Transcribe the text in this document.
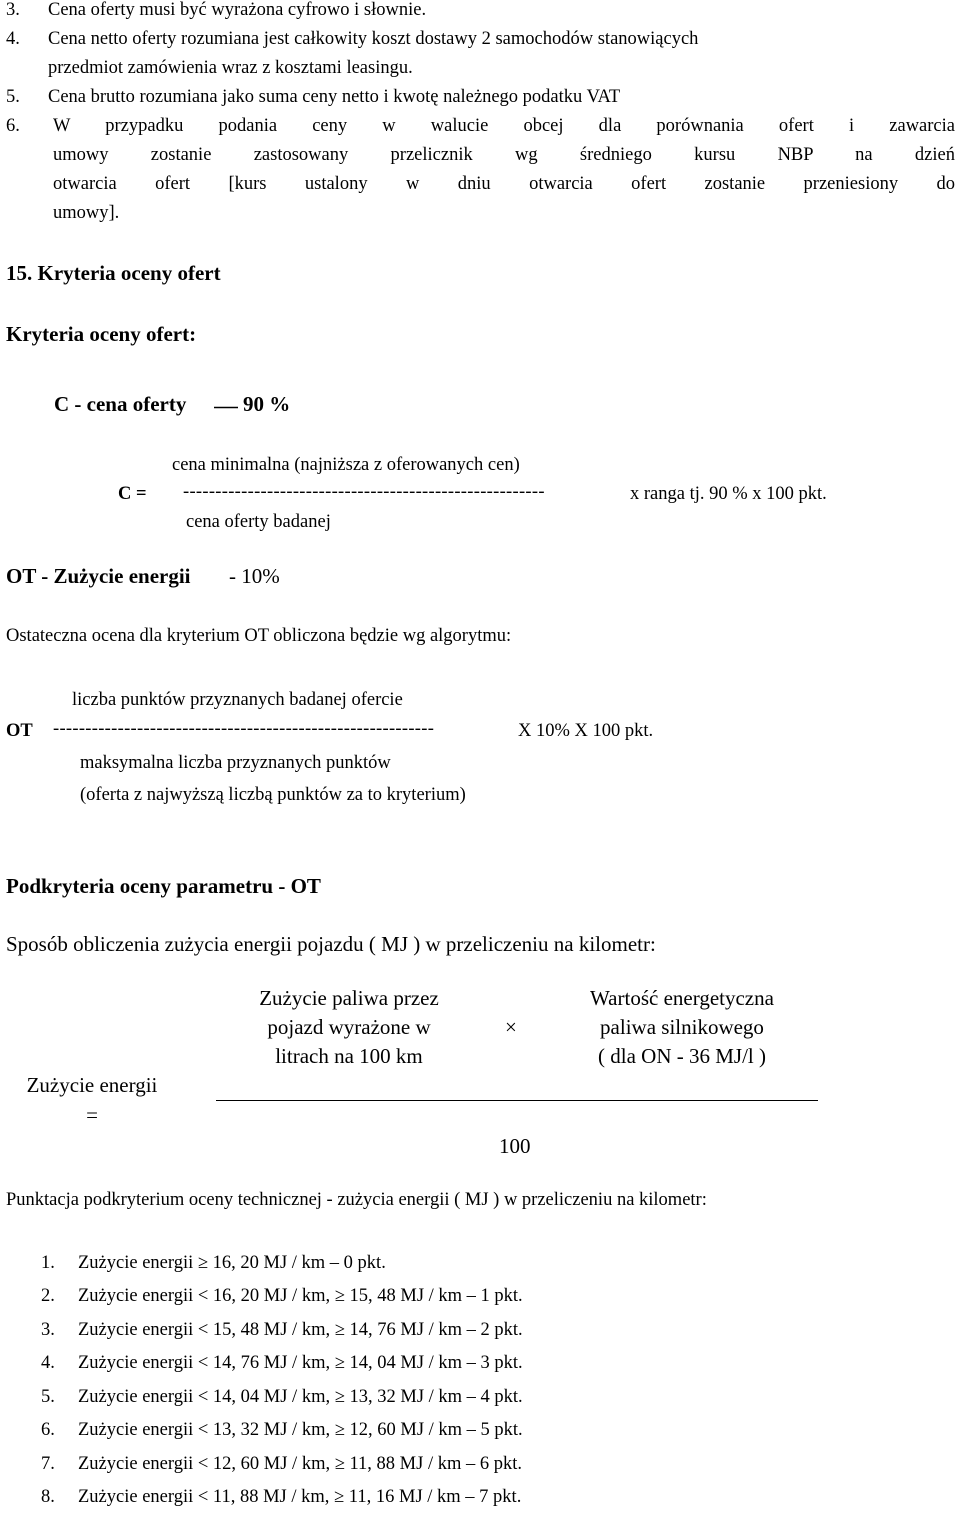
3. Cena oferty musi być wyrażona cyfrowo i słownie.
4. Cena netto oferty rozumiana jest całkowity koszt dostawy 2 samochodów stanowiących
przedmiot zamówienia wraz z kosztami leasingu.
5. Cena brutto rozumiana jako suma ceny netto i kwotę należnego podatku VAT
6. W przypadku podania ceny w walucie obcej dla porównania ofert i zawarcia
umowy zostanie zastosowany przelicznik wg średniego kursu NBP na dzień
otwarcia ofert [kurs ustalony w dniu otwarcia ofert zostanie przeniesiony do
umowy].
15. Kryteria oceny ofert
Kryteria oceny ofert:
C - cena oferty	90 %
cena minimalna (najniższa z oferowanych cen)
C = --------------------------------------------------------	x ranga tj. 90 % x 100 pkt.
cena oferty badanej
OT - Zużycie energii - 10%
Ostateczna ocena dla kryterium OT obliczona będzie wg algorytmu:
liczba punktów przyznanych badanej ofercie
OT -----------------------------------------------------------	X 10% X 100 pkt.
maksymalna liczba przyznanych punktów
(oferta z najwyższą liczbą punktów za to kryterium)
Podkryteria oceny parametru - OT
Sposób obliczenia zużycia energii pojazdu ( MJ ) w przeliczeniu na kilometr:
Zużycie paliwa przez
pojazd wyrażone w
litrach na 100 km
×
Wartość energetyczna
paliwa silnikowego
( dla ON - 36 MJ/l )
Zużycie energii
=
100
Punktacja podkryterium oceny technicznej - zużycia energii ( MJ ) w przeliczeniu na kilometr:
1. Zużycie energii ≥ 16, 20 MJ / km – 0 pkt.
2. Zużycie energii < 16, 20 MJ / km, ≥ 15, 48 MJ / km – 1 pkt.
3. Zużycie energii < 15, 48 MJ / km, ≥ 14, 76 MJ / km – 2 pkt.
4. Zużycie energii < 14, 76 MJ / km, ≥ 14, 04 MJ / km – 3 pkt.
5. Zużycie energii < 14, 04 MJ / km, ≥ 13, 32 MJ / km – 4 pkt.
6. Zużycie energii < 13, 32 MJ / km, ≥ 12, 60 MJ / km – 5 pkt.
7. Zużycie energii < 12, 60 MJ / km, ≥ 11, 88 MJ / km – 6 pkt.
8. Zużycie energii < 11, 88 MJ / km, ≥ 11, 16 MJ / km – 7 pkt.
